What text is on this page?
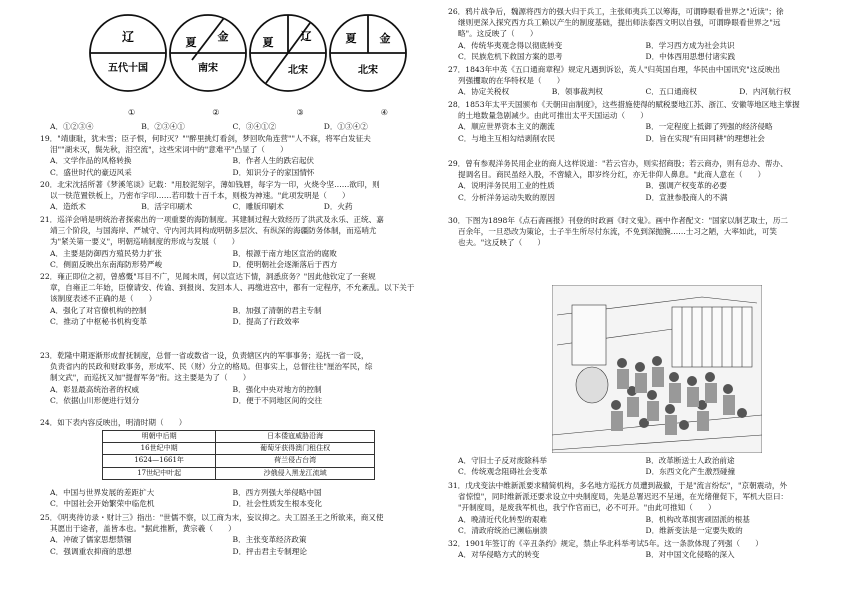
辽
五代十国
夏 金
南宋
夏 辽
北宋
夏 金
北宋
①	②	③	④
A．①②③④	B．②③④①	C．③④①②	D．①③④②
19．"靖康耻，犹未雪；臣子恨，何时灭？""醉里挑灯看剑，梦回吹角连营""人不寐，将军白发征夫
泪""湖未灭，鬓先秋，泪空流"，这些宋词中的"意难平"凸显了（　　）
A．文学作品的风格转换	B．作者人生的跌宕起伏
C．盛世时代的豪迈风采	D．知识分子的家国情怀
20．北宋沈括所著《梦溪笔谈》记载："用胶泥刻字，薄如钱唇，每字为一印，火烧令坚……欲印，则
以一铁范置铁板上，乃密布字印……若印数十百千本，则极为神速。"此项发明是（　　）
A．造纸术	B．活字印刷术	C．雕版印刷术	D．火药
21．巡洋会哨是明统治者探索出的一项重要的海防制度。其建制过程大致经历了洪武及永乐、正统、嘉
靖三个阶段，与国海岸、严城守、守内河共同构成明朝多层次、有纵深的海疆防务体制，而巡哨尤
为"紧关第一要义"，明朝巡哨制度的形成与发展（　　）
A．主要是防御西方殖民势力扩张	B．根源于南方地区宣治的腐败
C．侧面反映出东南海防形势严峻	D．使明朝社会逐渐落后于西方
22．雍正即位之初，曾感慨"耳目不广，见闻未周，何以宣达下情，洞悉庶务？"因此他钦定了一套规
章，自雍正二年始，臣僚请安、传谕、到报岗、发回本人、再缴进宫中，都有一定程序，不允紊乱。以下关于
该制度表述不正确的是（　　）
A．强化了对官僚机构的控制	B．加强了清朝的君主专制
C．推动了中枢秘书机构变革	D．提高了行政效率
23．乾隆中期逐渐形成督抚制度，总督一省或数省一设，负责辖区内的军事事务；巡抚一省一设，
负责省内的民政和财政事务，形成军、民（财）分立的格局。但事实上，总督往往"厘治军民，综
制文武"，而巡抚又加"提督军务"衔。这主要是为了（　　）
A．彰显最高统治者的权威	B．强化中央对地方的控制
C．依据山川形便进行划分	D．便于不同地区间的交往
24．如下表内容反映出，明清时期（　　）
明朝中后期	日本倭寇威胁沿海
16世纪中期	葡萄牙获得澳门租住权
1624—1661年	荷兰侵占台湾
17世纪中叶起	沙俄侵入黑龙江流域
A．中国与世界发展的差距扩大	B．西方列强大举侵略中国
C．中国社会开始繁荣中临危机	D．社会性质发生根本变化
25．《明夷待访录・财计三》指出："世儒不察，以工商为末，妄议抑之。夫工固圣王之所欲来，商又使
其愿出于途者，盖皆本也。"据此推断，黄宗羲（　　）
A．冲破了儒家思想禁锢	B．主张变革经济政策
C．强调重农抑商的思想	D．抨击君主专制理论
26．鸦片战争后，魏源将西方的强大归于兵工，主张师夷兵工以筹海，可谓睁眼看世界之"近读"；徐
继则更深入探究西方兵工赖以产生的制度基础，提出师法泰西文明以自强，可谓睁眼看世界之"远
略"。这反映了（　　）
A．传统华夷观念得以彻底转变	B．学习西方成为社会共识
C．民族危机下救国方案的思考	D．中体西用思想付诸实践
27．1843年中英《五口通商章程》规定凡遇到诉讼，英人"归英国自理，华民由中国讯究"这反映出
列强攫取的在华特权是（　　）
A．协定关税权	B．领事裁判权	C．五口通商权	D．内河航行权
28．1853年太平天国颁布《天朝田亩制度》，这些措施使得的赋税要地江苏、浙江、安徽等地区地主掌握
的土地数量急剧减少。由此可推出太平天国运动（　　）
A．顺应世界资本主义的潮流	B．一定程度上抵御了列强的经济侵略
C．与地主互相勾结剥削农民	D．旨在实现"有田同耕"的理想社会
29．曾有参观洋务民用企业的商人这样说道："若云官办，则实招商股；若云商办，则有总办、帮办、
提调名目。商民虽经入股，不啻辕入，即岁终分红，亦无非仰人鼻息。"此商人意在（　　）
A．说明洋务民用工业的性质	B．强调产权变革的必要
C．分析洋务运动失败的原因	D．宣泄参股商人的不满
30．下图为1898年《点石斋画报》刊登的时政画《时文鬼》。画中作者配文："国家以制艺取士，历二
百余年，一旦恐改为策论，士子半生所尽付东流，不免到深抛腕……士习之陋，大率如此，可笑
也夫。"这反映了（　　）
A．守旧士子反对废除科举	B．改革断送士人政治前途
C．传统观念阻碍社会变革	D．东西文化产生激烈碰撞
31．戊戌变法中维新派要求精简机构，多名地方巡抚方员遭到裁撤，于是"流言纷纭"，"京朝震动，外
省惊惶"，同时维新派还要求设立中央制度局，先是总署迟迟不呈递，在光绪催促下，军机大臣曰：
"开制度局，是废我军机也，我宁作官而已，必不可开。"由此可推知（　　）
A．晚清近代化转型的艰难	B．机构改革损害顽固派的根基
C．清政府统治已濒临崩溃	D．维新变法是一定要失败的
32．1901年签订的《辛丑条约》规定，禁止华北科举考试5年。这一条款体现了列强（　　）
A．对华侵略方式的转变	B．对中国文化侵略的深入
